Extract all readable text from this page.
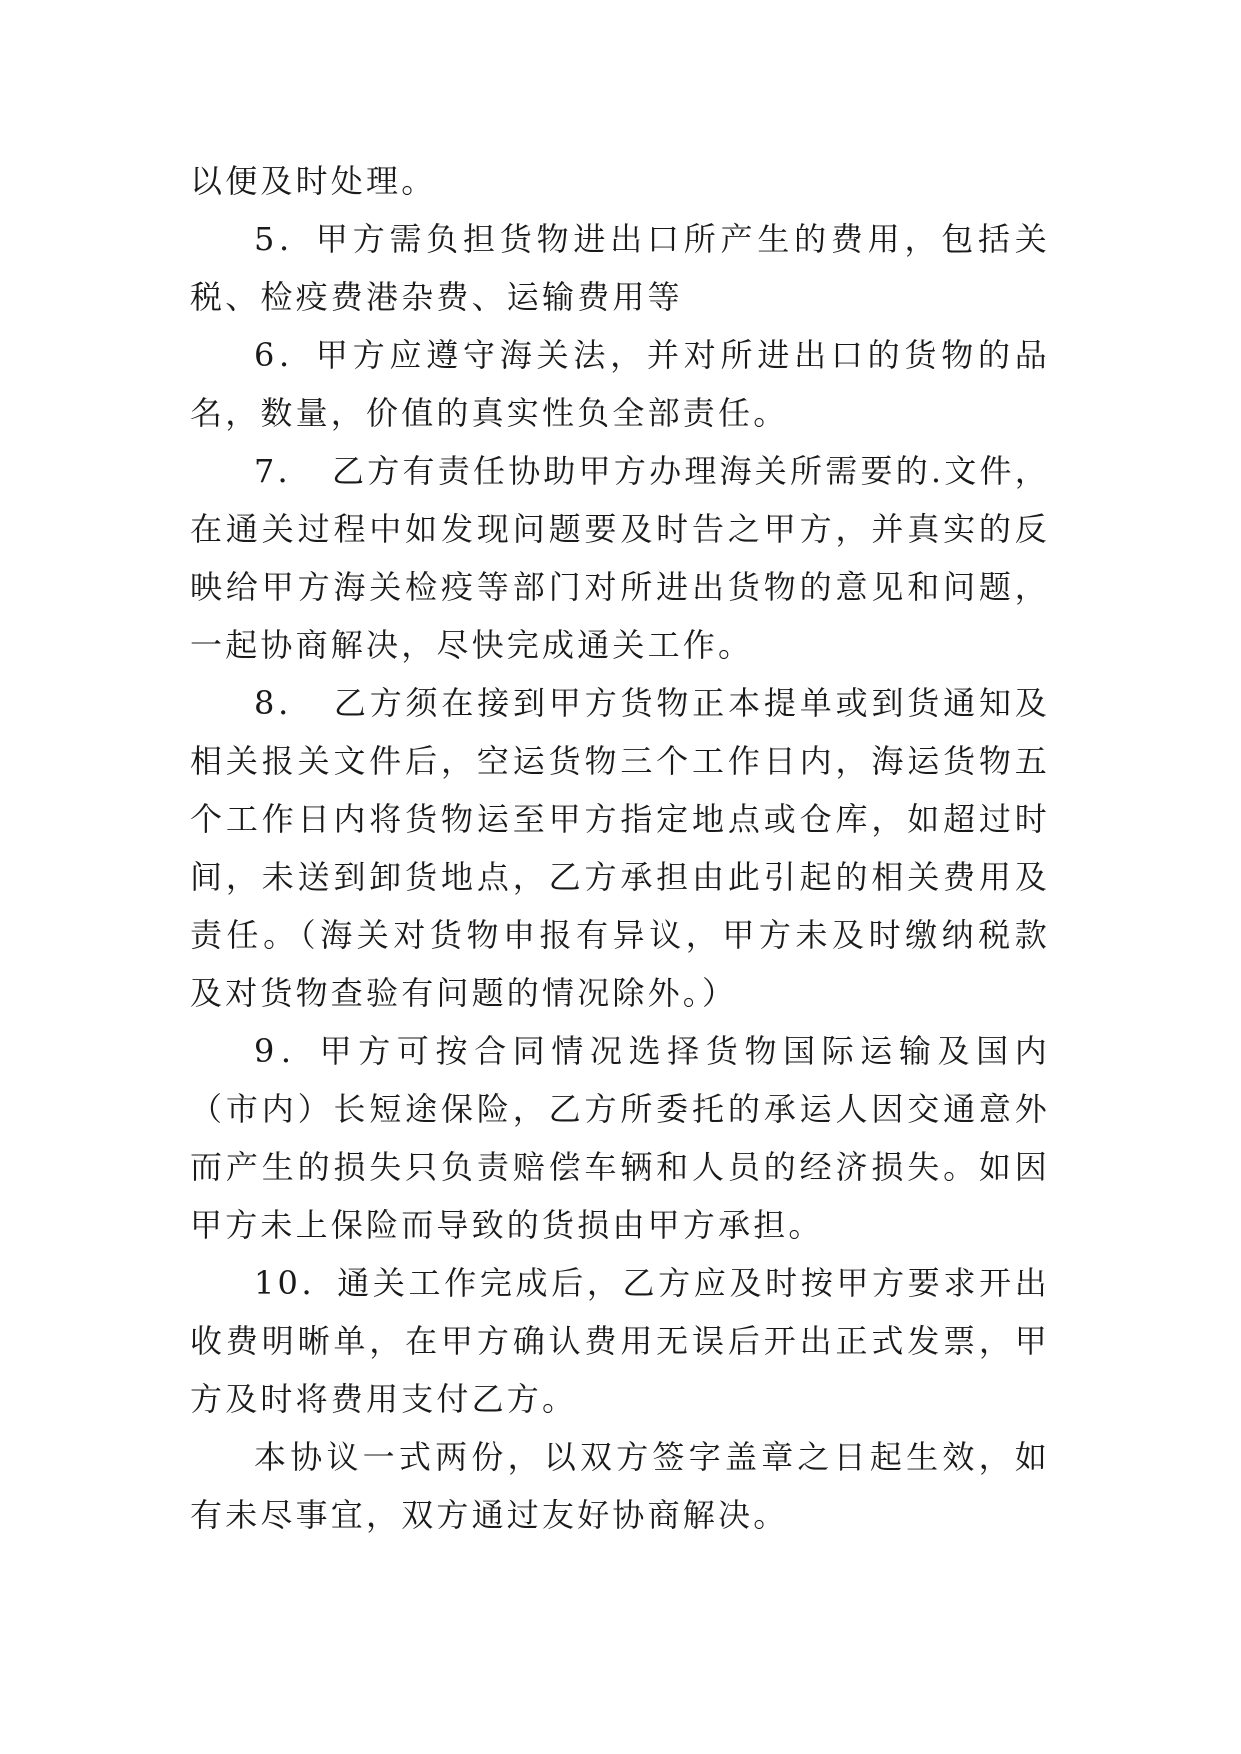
以便及时处理。

5．甲方需负担货物进出口所产生的费用，包括关税、检疫费港杂费、运输费用等

6．甲方应遵守海关法，并对所进出口的货物的品名，数量，价值的真实性负全部责任。

7．　乙方有责任协助甲方办理海关所需要的.文件，在通关过程中如发现问题要及时告之甲方，并真实的反映给甲方海关检疫等部门对所进出货物的意见和问题，一起协商解决，尽快完成通关工作。

8．　乙方须在接到甲方货物正本提单或到货通知及相关报关文件后，空运货物三个工作日内，海运货物五个工作日内将货物运至甲方指定地点或仓库，如超过时间，未送到卸货地点，乙方承担由此引起的相关费用及责任。（海关对货物申报有异议，甲方未及时缴纳税款及对货物查验有问题的情况除外。）

9．甲方可按合同情况选择货物国际运输及国内（市内）长短途保险，乙方所委托的承运人因交通意外而产生的损失只负责赔偿车辆和人员的经济损失。如因甲方未上保险而导致的货损由甲方承担。

10．通关工作完成后，乙方应及时按甲方要求开出收费明晰单，在甲方确认费用无误后开出正式发票，甲方及时将费用支付乙方。

本协议一式两份，以双方签字盖章之日起生效，如有未尽事宜，双方通过友好协商解决。
